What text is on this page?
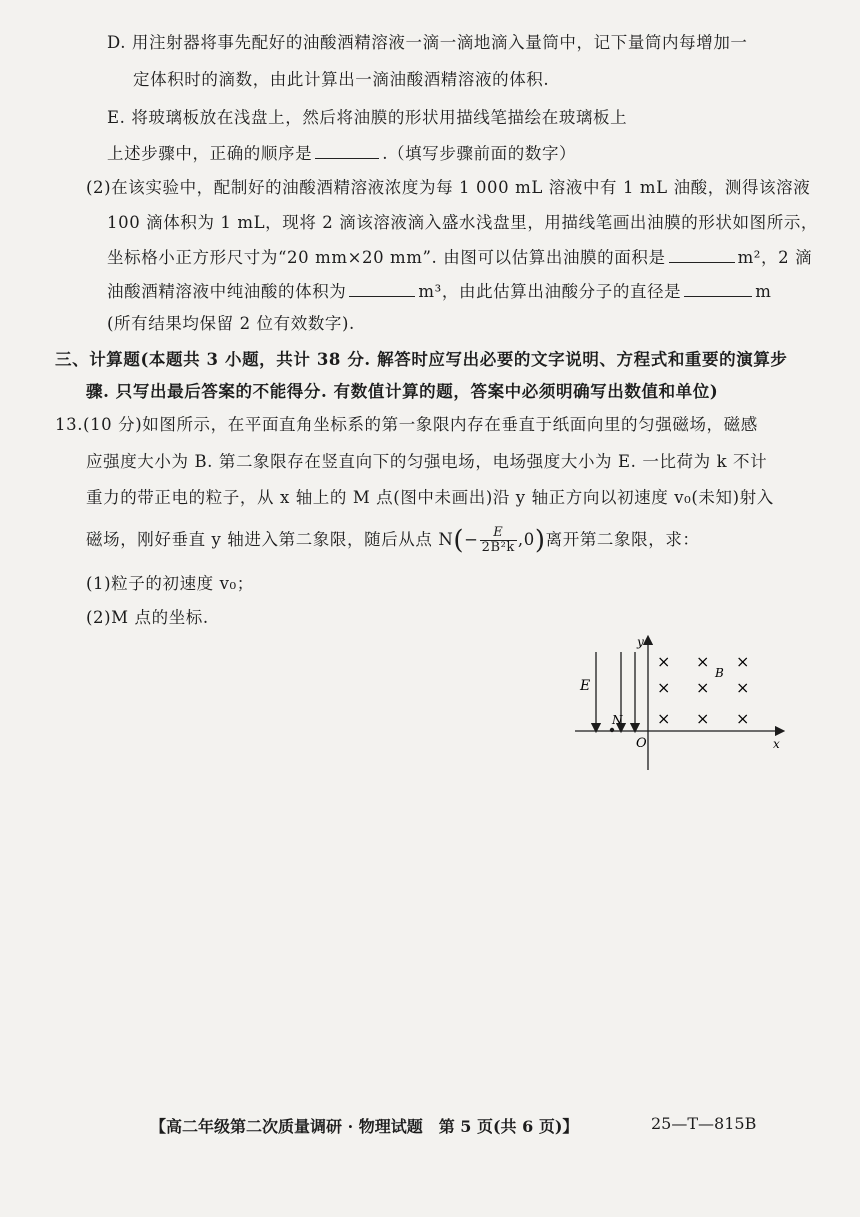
D. 用注射器将事先配好的油酸酒精溶液一滴一滴地滴入量筒中，记下量筒内每增加一
定体积时的滴数，由此计算出一滴油酸酒精溶液的体积.
E. 将玻璃板放在浅盘上，然后将油膜的形状用描线笔描绘在玻璃板上
上述步骤中，正确的顺序是	.（填写步骤前面的数字）
(2)在该实验中，配制好的油酸酒精溶液浓度为每 1 000 mL 溶液中有 1 mL 油酸，测得该溶液
100 滴体积为 1 mL，现将 2 滴该溶液滴入盛水浅盘里，用描线笔画出油膜的形状如图所示，
坐标格小正方形尺寸为“20 mm×20 mm”. 由图可以估算出油膜的面积是	m²，2 滴
油酸酒精溶液中纯油酸的体积为	m³，由此估算出油酸分子的直径是	m
(所有结果均保留 2 位有效数字).
三、计算题(本题共 3 小题，共计 38 分. 解答时应写出必要的文字说明、方程式和重要的演算步
骤. 只写出最后答案的不能得分. 有数值计算的题，答案中必须明确写出数值和单位)
13.(10 分)如图所示，在平面直角坐标系的第一象限内存在垂直于纸面向里的匀强磁场，磁感
应强度大小为 B. 第二象限存在竖直向下的匀强电场，电场强度大小为 E. 一比荷为 k 不计
重力的带正电的粒子，从 x 轴上的 M 点(图中未画出)沿 y 轴正方向以初速度 v₀(未知)射入
磁场，刚好垂直 y 轴进入第二象限，随后从点 $N(- \frac{E}{\text{2B²k}} ,0)$离开第二象限，求：
(1)粒子的初速度 v₀；
(2)M 点的坐标.
E
N
O	x
y
B
× × ×
× × ×
× × ×
【高二年级第二次质量调研 · 物理试题　第 5 页(共 6 页)】	25—T—815B
